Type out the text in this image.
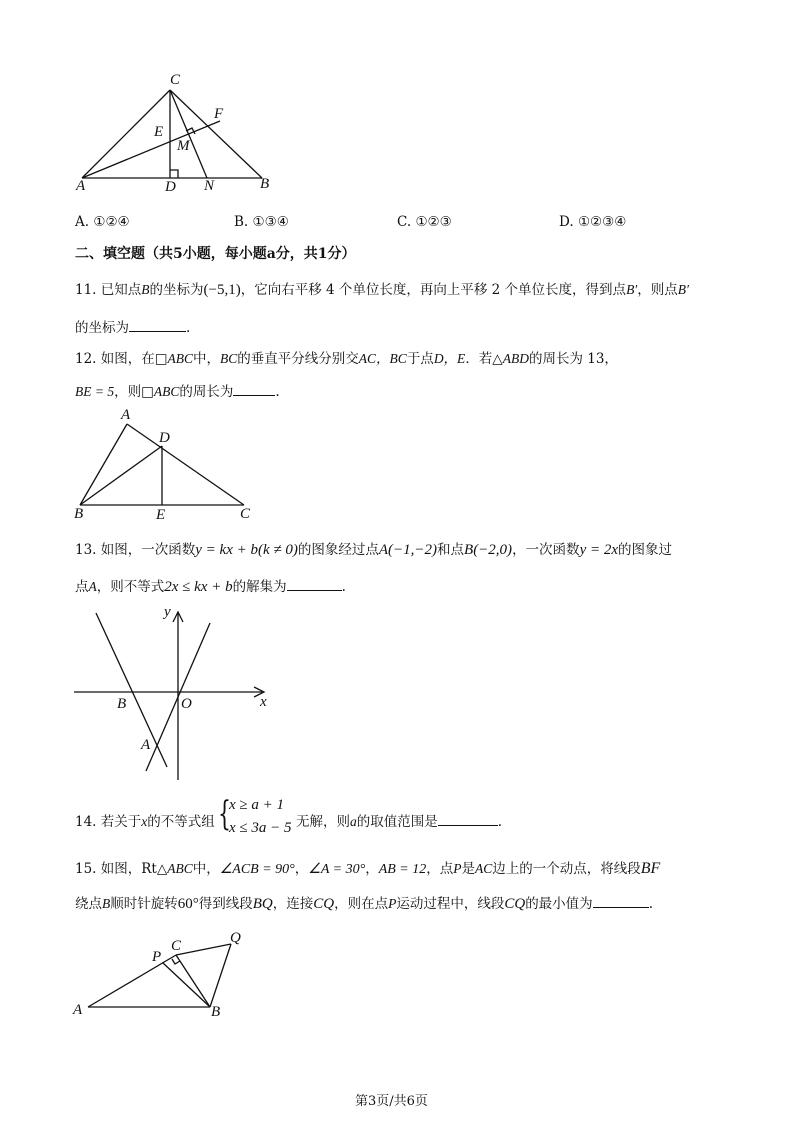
C
F
E
M
A	D N	B
A. ①②④	B. ①③④	C. ①②③	D. ①②③④
二、填空题（共5小题，每小题a分，共1分）
11. 已知点B的坐标为(−5,1)，它向右平移 4 个单位长度，再向上平移 2 个单位长度，得到点B′，则点B′
的坐标为	.
12. 如图，在□ABC中，BC的垂直平分线分别交AC，BC于点D，E．若△ABD的周长为 13，
BE = 5，则□ABC的周长为	.
A
D
B	E	C
13. 如图，一次函数y = kx + b(k ≠ 0)的图象经过点A(−1,−2)和点B(−2,0)，一次函数y = 2x的图象过
点A，则不等式2x ≤ kx + b的解集为	.
y
x
B	O
A
14. 若关于x的不等式组 {
x ≥ a + 1
x ≤ 3a − 5 无解，则a的取值范围是	.
15. 如图，Rt△ABC中，∠ACB = 90°，∠A = 30°，AB = 12，点P是AC边上的一个动点，将线段BF
绕点B顺时针旋转60°得到线段BQ，连接CQ，则在点P运动过程中，线段CQ的最小值为	.
Q
C
P
A	B
第3页/共6页
